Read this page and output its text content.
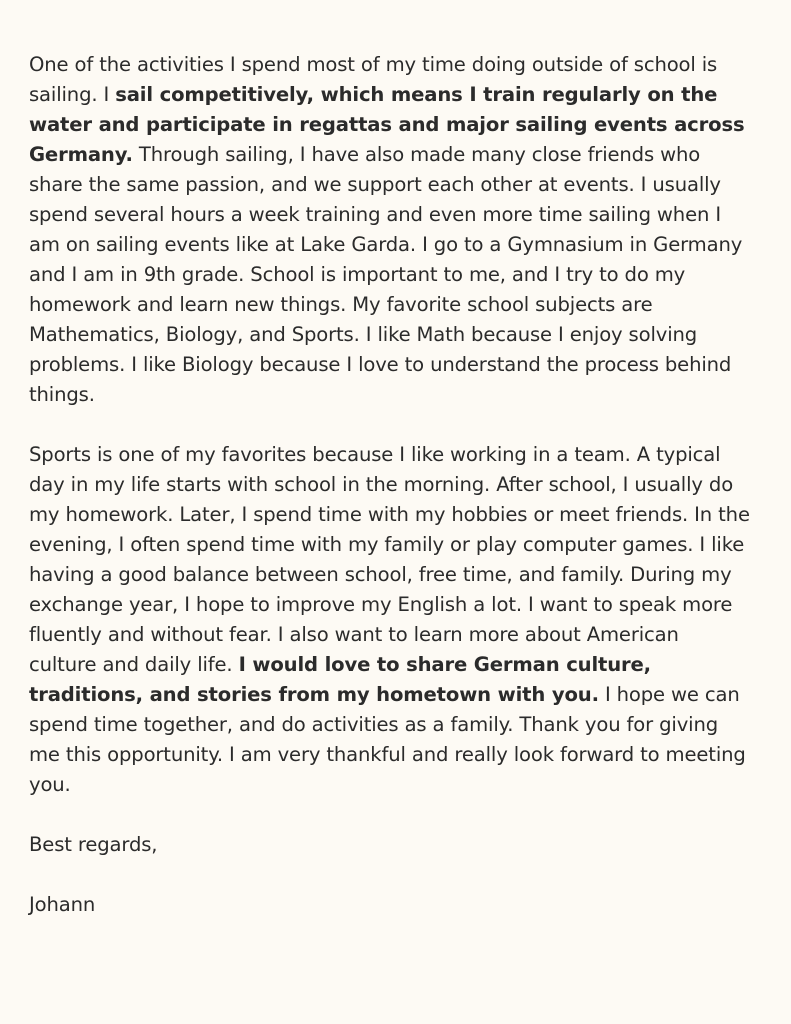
One of the activities I spend most of my time doing outside of school is sailing. I sail competitively, which means I train regularly on the water and participate in regattas and major sailing events across Germany. Through sailing, I have also made many close friends who share the same passion, and we support each other at events. I usually spend several hours a week training and even more time sailing when I am on sailing events like at Lake Garda. I go to a Gymnasium in Germany and I am in 9th grade. School is important to me, and I try to do my homework and learn new things. My favorite school subjects are Mathematics, Biology, and Sports. I like Math because I enjoy solving problems. I like Biology because I love to understand the process behind things.

Sports is one of my favorites because I like working in a team. A typical day in my life starts with school in the morning. After school, I usually do my homework. Later, I spend time with my hobbies or meet friends. In the evening, I often spend time with my family or play computer games. I like having a good balance between school, free time, and family. During my exchange year, I hope to improve my English a lot. I want to speak more fluently and without fear. I also want to learn more about American culture and daily life. I would love to share German culture, traditions, and stories from my hometown with you. I hope we can spend time together, and do activities as a family. Thank you for giving me this opportunity. I am very thankful and really look forward to meeting you.

Best regards,

Johann
